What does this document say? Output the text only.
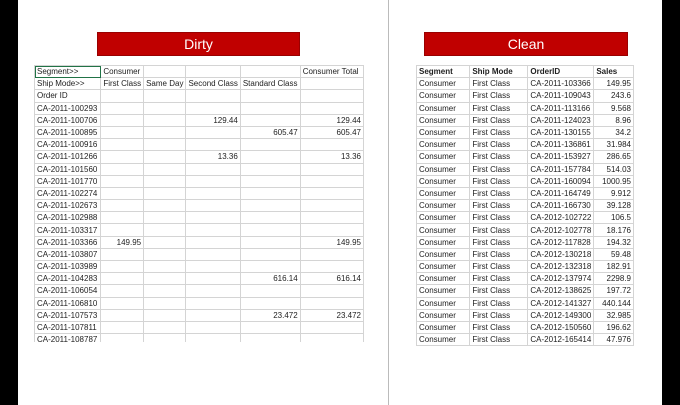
Dirty	Clean
Segment>>	Consumer				Consumer Total
Ship Mode>>	First Class	Same Day	Second Class	Standard Class	
Order ID					
CA-2011-100293					
CA-2011-100706			129.44		129.44
CA-2011-100895				605.47	605.47
CA-2011-100916					
CA-2011-101266			13.36		13.36
CA-2011-101560					
CA-2011-101770					
CA-2011-102274					
CA-2011-102673					
CA-2011-102988					
CA-2011-103317					
CA-2011-103366	149.95				149.95
CA-2011-103807					
CA-2011-103989					
CA-2011-104283				616.14	616.14
CA-2011-106054					
CA-2011-106810					
CA-2011-107573				23.472	23.472
CA-2011-107811					
CA-2011-108787					
Segment	Ship Mode	OrderID	Sales
Consumer	First Class	CA-2011-103366	149.95
Consumer	First Class	CA-2011-109043	243.6
Consumer	First Class	CA-2011-113166	9.568
Consumer	First Class	CA-2011-124023	8.96
Consumer	First Class	CA-2011-130155	34.2
Consumer	First Class	CA-2011-136861	31.984
Consumer	First Class	CA-2011-153927	286.65
Consumer	First Class	CA-2011-157784	514.03
Consumer	First Class	CA-2011-160094	1000.95
Consumer	First Class	CA-2011-164749	9.912
Consumer	First Class	CA-2011-166730	39.128
Consumer	First Class	CA-2012-102722	106.5
Consumer	First Class	CA-2012-102778	18.176
Consumer	First Class	CA-2012-117828	194.32
Consumer	First Class	CA-2012-130218	59.48
Consumer	First Class	CA-2012-132318	182.91
Consumer	First Class	CA-2012-137974	2298.9
Consumer	First Class	CA-2012-138625	197.72
Consumer	First Class	CA-2012-141327	440.144
Consumer	First Class	CA-2012-149300	32.985
Consumer	First Class	CA-2012-150560	196.62
Consumer	First Class	CA-2012-165414	47.976
